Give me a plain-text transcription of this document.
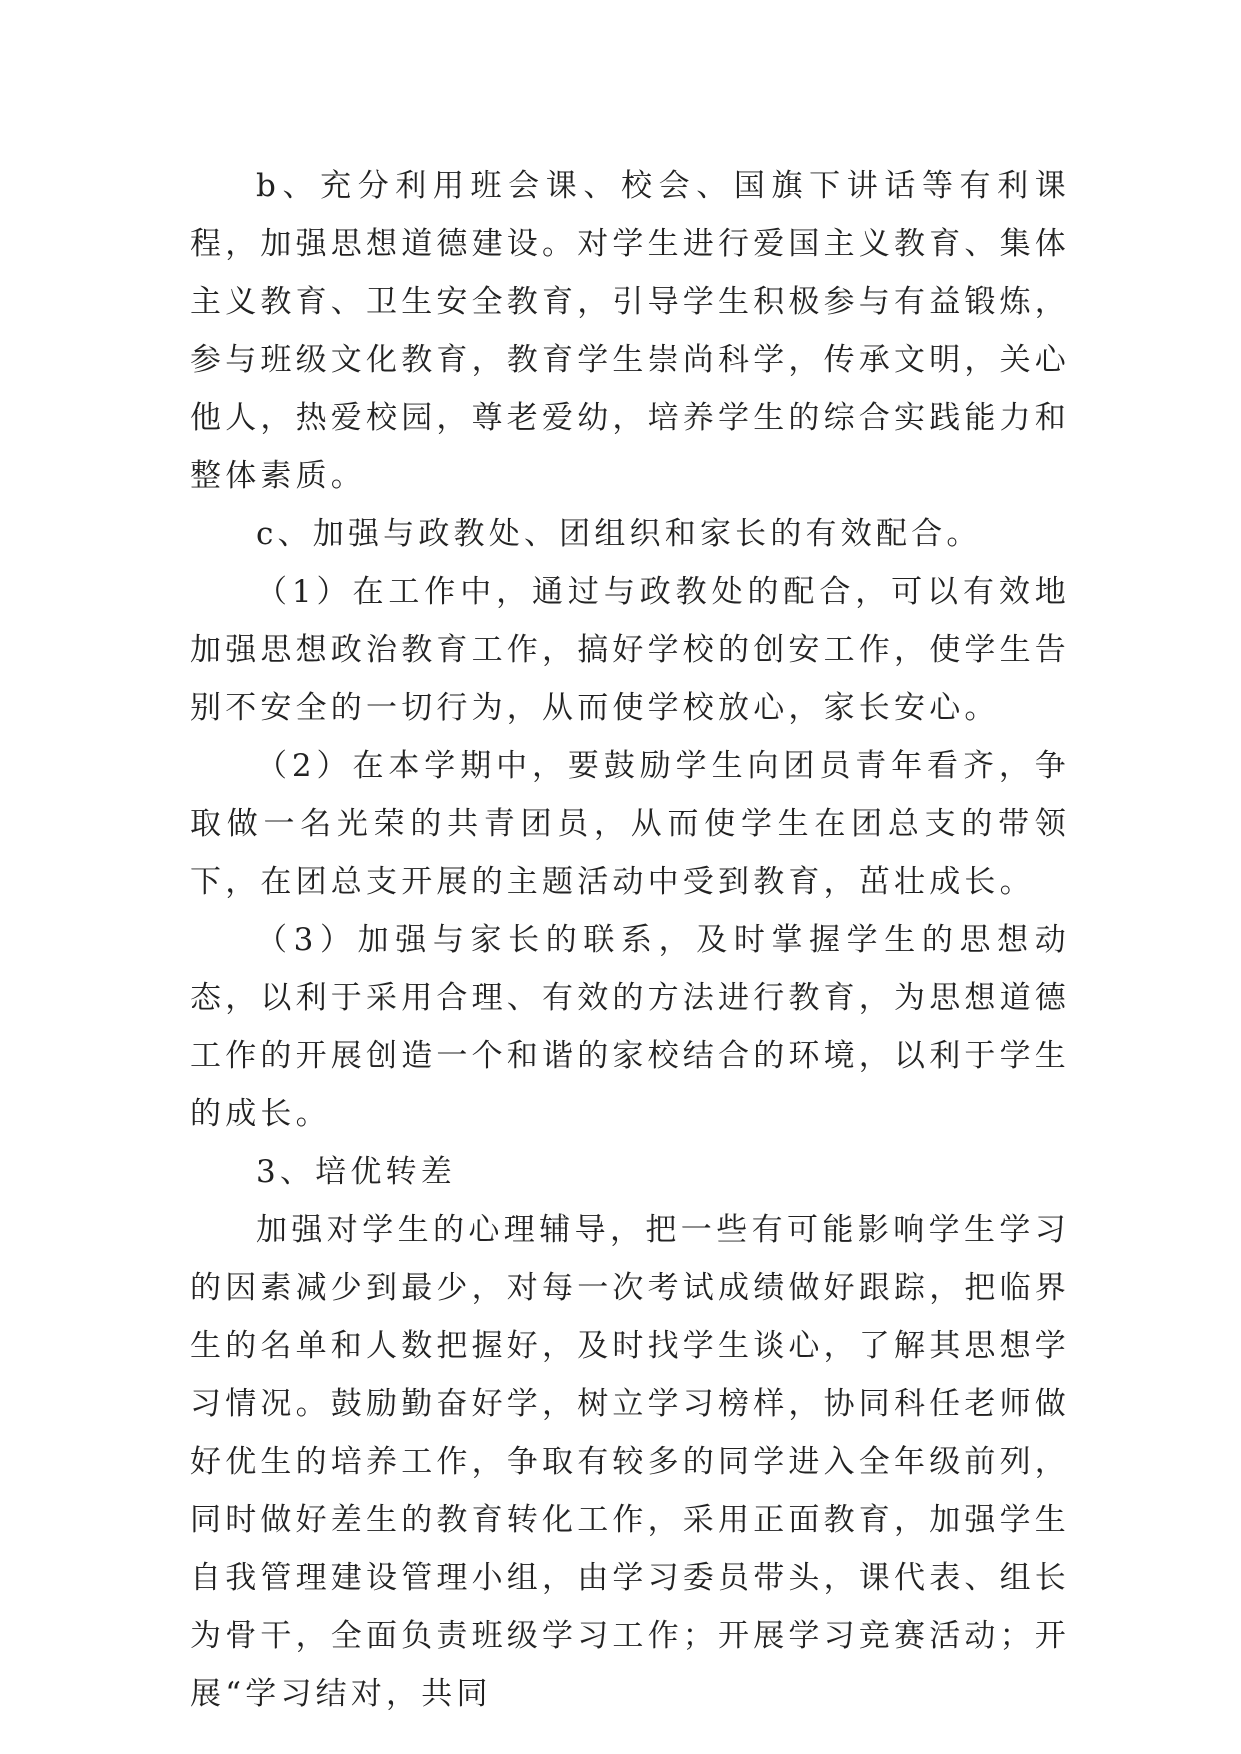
b、充分利用班会课、校会、国旗下讲话等有利课程，加强思想道德建设。对学生进行爱国主义教育、集体主义教育、卫生安全教育，引导学生积极参与有益锻炼，参与班级文化教育，教育学生崇尚科学，传承文明，关心他人，热爱校园，尊老爱幼，培养学生的综合实践能力和整体素质。

c、加强与政教处、团组织和家长的有效配合。

（1）在工作中，通过与政教处的配合，可以有效地加强思想政治教育工作，搞好学校的创安工作，使学生告别不安全的一切行为，从而使学校放心，家长安心。

（2）在本学期中，要鼓励学生向团员青年看齐，争取做一名光荣的共青团员，从而使学生在团总支的带领下，在团总支开展的主题活动中受到教育，茁壮成长。

（3）加强与家长的联系，及时掌握学生的思想动态，以利于采用合理、有效的方法进行教育，为思想道德工作的开展创造一个和谐的家校结合的环境，以利于学生的成长。

3、培优转差

加强对学生的心理辅导，把一些有可能影响学生学习的因素减少到最少，对每一次考试成绩做好跟踪，把临界生的名单和人数把握好，及时找学生谈心，了解其思想学习情况。鼓励勤奋好学，树立学习榜样，协同科任老师做好优生的培养工作，争取有较多的同学进入全年级前列，同时做好差生的教育转化工作，采用正面教育，加强学生自我管理建设管理小组，由学习委员带头，课代表、组长为骨干，全面负责班级学习工作；开展学习竞赛活动；开展“学习结对，共同
